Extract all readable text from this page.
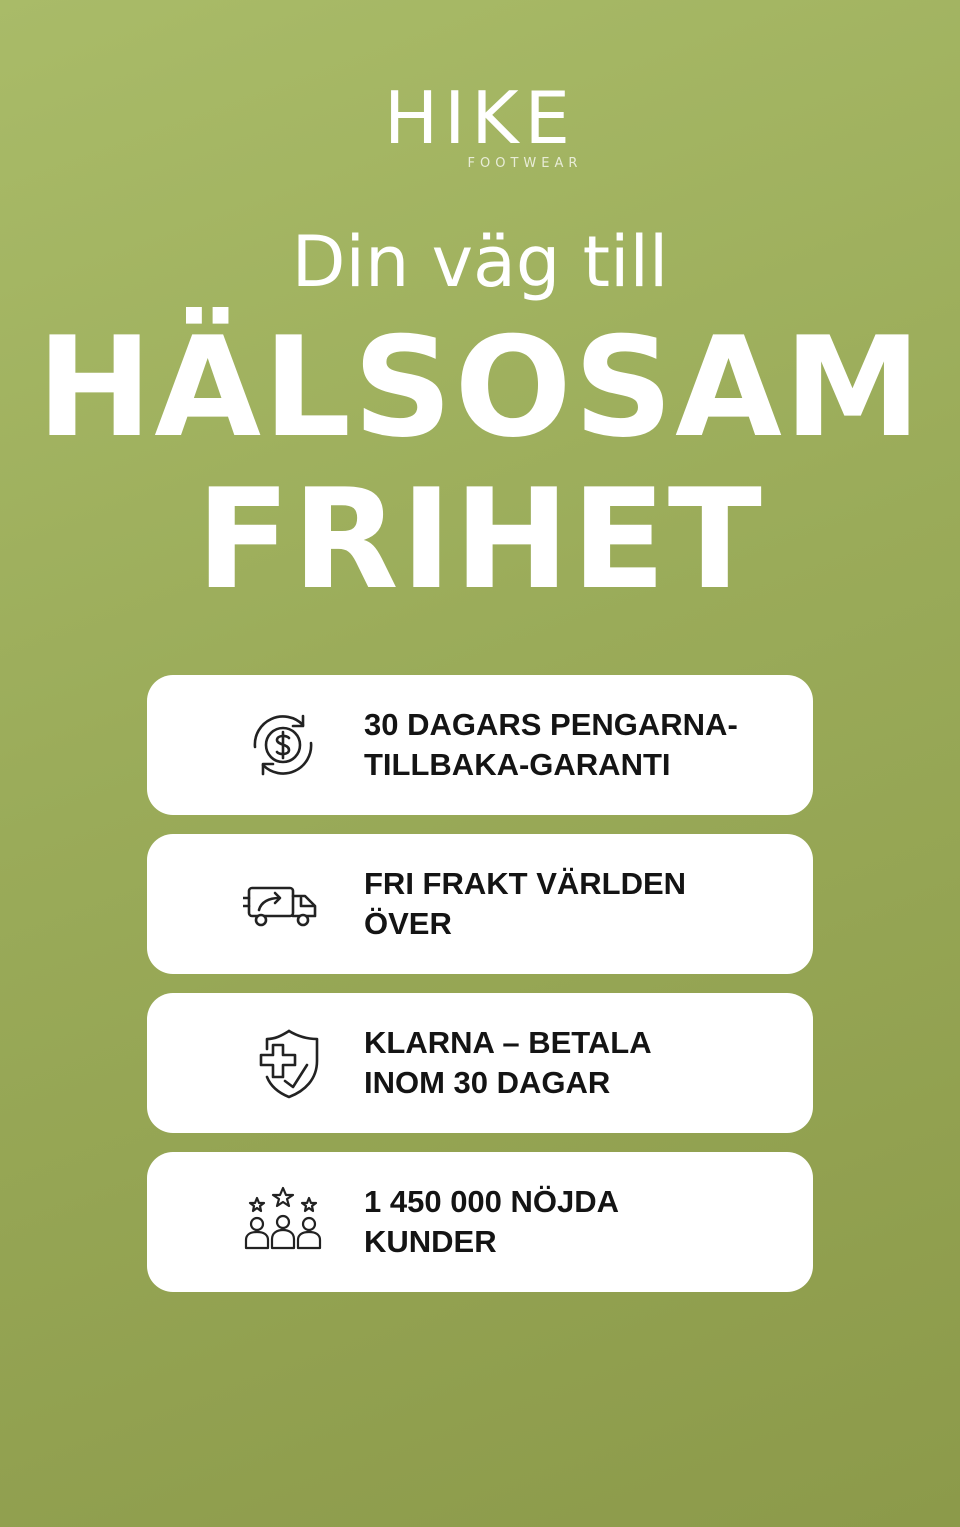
HIKE
FOOTWEAR
Din väg till
HÄLSOSAM
FRIHET
30 DAGARS PENGARNA-
TILLBAKA-GARANTI
FRI FRAKT VÄRLDEN
ÖVER
KLARNA – BETALA
INOM 30 DAGAR
1 450 000 NÖJDA
KUNDER
